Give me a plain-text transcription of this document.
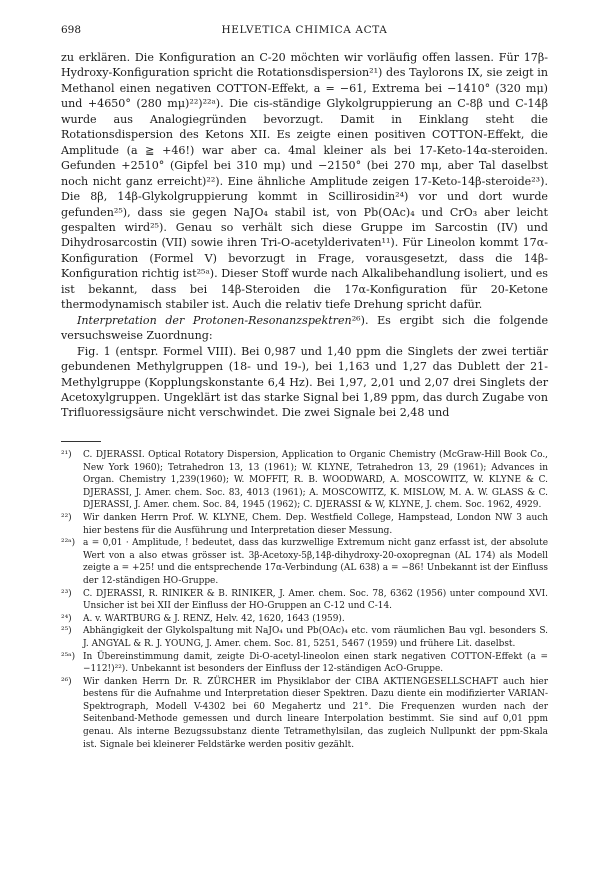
698	HELVETICA CHIMICA ACTA

zu erklären. Die Konfiguration an C-20 möchten wir vorläufig offen lassen. Für 17β-Hydroxy-Konfiguration spricht die Rotationsdispersion²¹) des Taylorons IX, sie zeigt in Methanol einen negativen COTTON-Effekt, a = −61, Extrema bei −1410° (320 mμ) und +4650° (280 mμ)²²)²²ᵃ). Die cis-ständige Glykolgruppierung an C-8β und C-14β wurde aus Analogiegründen bevorzugt. Damit in Einklang steht die Rotationsdispersion des Ketons XII. Es zeigte einen positiven COTTON-Effekt, die Amplitude (a ≧ +46!) war aber ca. 4mal kleiner als bei 17-Keto-14α-steroiden. Gefunden +2510° (Gipfel bei 310 mμ) und −2150° (bei 270 mμ, aber Tal daselbst noch nicht ganz erreicht)²²). Eine ähnliche Amplitude zeigen 17-Keto-14β-steroide²³). Die 8β, 14β-Glykolgruppierung kommt in Scillirosidin²⁴) vor und dort wurde gefunden²⁵), dass sie gegen NaJO₄ stabil ist, von Pb(OAc)₄ und CrO₃ aber leicht gespalten wird²⁵). Genau so verhält sich diese Gruppe im Sarcostin (IV) und Dihydrosarcostin (VII) sowie ihren Tri-O-acetylderivaten¹¹). Für Lineolon kommt 17α-Konfiguration (Formel V) bevorzugt in Frage, vorausgesetzt, dass die 14β-Konfiguration richtig ist²⁵ᵃ). Dieser Stoff wurde nach Alkalibehandlung isoliert, und es ist bekannt, dass bei 14β-Steroiden die 17α-Konfiguration für 20-Ketone thermodynamisch stabiler ist. Auch die relativ tiefe Drehung spricht dafür.

Interpretation der Protonen-Resonanzspektren²⁶). Es ergibt sich die folgende versuchsweise Zuordnung:

Fig. 1 (entspr. Formel VIII). Bei 0,987 und 1,40 ppm die Singlets der zwei tertiär gebundenen Methylgruppen (18- und 19-), bei 1,163 und 1,27 das Dublett der 21-Methylgruppe (Kopplungskonstante 6,4 Hz). Bei 1,97, 2,01 und 2,07 drei Singlets der Acetoxylgruppen. Ungeklärt ist das starke Signal bei 1,89 ppm, das durch Zugabe von Trifluoressigsäure nicht verschwindet. Die zwei Signale bei 2,48 und

²¹)	C. DJERASSI. Optical Rotatory Dispersion, Application to Organic Chemistry (McGraw-Hill Book Co., New York 1960); Tetrahedron 13, 13 (1961); W. KLYNE, Tetrahedron 13, 29 (1961); Advances in Organ. Chemistry 1,239(1960); W. MOFFIT, R. B. WOODWARD, A. MOSCOWITZ, W. KLYNE & C. DJERASSI, J. Amer. chem. Soc. 83, 4013 (1961); A. MOSCOWITZ, K. MISLOW, M. A. W. GLASS & C. DJERASSI, J. Amer. chem. Soc. 84, 1945 (1962); C. DJERASSI & W, KLYNE, J. chem. Soc. 1962, 4929.
²²)	Wir danken Herrn Prof. W. KLYNE, Chem. Dep. Westfield College, Hampstead, London NW 3 auch hier bestens für die Ausführung und Interpretation dieser Messung.
²²ᵃ) a = 0,01 · Amplitude, ! bedeutet, dass das kurzwellige Extremum nicht ganz erfasst ist, der absolute Wert von a also etwas grösser ist. 3β-Acetoxy-5β,14β-dihydroxy-20-oxopregnan (AL 174) als Modell zeigte a = +25! und die entsprechende 17α-Verbindung (AL 638) a = −86! Unbekannt ist der Einfluss der 12-ständigen HO-Gruppe.
²³)	C. DJERASSI, R. RINIKER & B. RINIKER, J. Amer. chem. Soc. 78, 6362 (1956) unter compound XVI. Unsicher ist bei XII der Einfluss der HO-Gruppen an C-12 und C-14.
²⁴)	A. v. WARTBURG & J. RENZ, Helv. 42, 1620, 1643 (1959).
²⁵)	Abhängigkeit der Glykolspaltung mit NaJO₄ und Pb(OAc)₄ etc. vom räumlichen Bau vgl. besonders S. J. ANGYAL & R. J. YOUNG, J. Amer. chem. Soc. 81, 5251, 5467 (1959) und frühere Lit. daselbst.
²⁵ᵃ) In Übereinstimmung damit, zeigte Di-O-acetyl-lineolon einen stark negativen COTTON-Effekt (a = −112!)²²). Unbekannt ist besonders der Einfluss der 12-ständigen AcO-Gruppe.
²⁶)	Wir danken Herrn Dr. R. ZÜRCHER im Physiklabor der CIBA AKTIENGESELLSCHAFT auch hier bestens für die Aufnahme und Interpretation dieser Spektren. Dazu diente ein modifizierter VARIAN-Spektrograph, Modell V-4302 bei 60 Megahertz und 21°. Die Frequenzen wurden nach der Seitenband-Methode gemessen und durch lineare Interpolation bestimmt. Sie sind auf 0,01 ppm genau. Als interne Bezugssubstanz diente Tetramethylsilan, das zugleich Nullpunkt der ppm-Skala ist. Signale bei kleinerer Feldstärke werden positiv gezählt.
